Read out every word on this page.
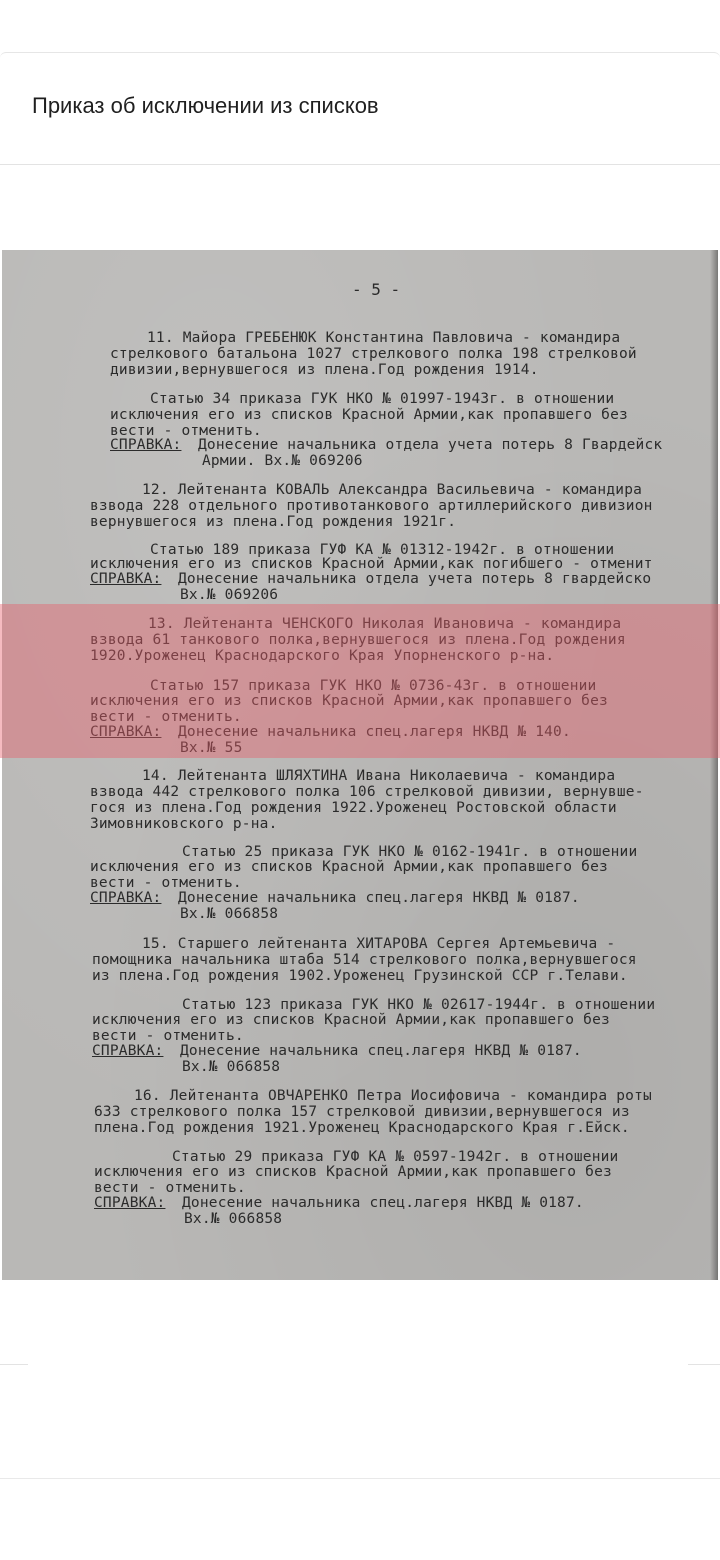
Приказ об исключении из списков
- 5 -
11. Майора ГРЕБЕНЮК Константина Павловича - командира
стрелкового батальона 1027 стрелкового полка 198 стрелковой
дивизии,вернувшегося из плена.Год рождения 1914.
Статью 34 приказа ГУК НКО № 01997-1943г. в отношении
исключения его из списков Красной Армии,как пропавшего без
вести - отменить.
СПРАВКА: Донесение начальника отдела учета потерь 8 Гвардейск
Армии. Вх.№ 069206
12. Лейтенанта КОВАЛЬ Александра Васильевича - командира
взвода 228 отдельного противотанкового артиллерийского дивизион
вернувшегося из плена.Год рождения 1921г.
Статью 189 приказа ГУФ КА № 01312-1942г. в отношении
исключения его из списков Красной Армии,как погибшего - отменит
СПРАВКА: Донесение начальника отдела учета потерь 8 гвардейско
Вх.№ 069206
13. Лейтенанта ЧЕНСКОГО Николая Ивановича - командира
взвода 61 танкового полка,вернувшегося из плена.Год рождения
1920.Уроженец Краснодарского Края Упорненского р-на.
Статью 157 приказа ГУК НКО № 0736-43г. в отношении
исключения его из списков Красной Армии,как пропавшего без
вести - отменить.
СПРАВКА: Донесение начальника спец.лагеря НКВД № 140.
Вх.№ 55
14. Лейтенанта ШЛЯХТИНА Ивана Николаевича - командира
взвода 442 стрелкового полка 106 стрелковой дивизии, вернувше-
гося из плена.Год рождения 1922.Уроженец Ростовской области
Зимовниковского р-на.
Статью 25 приказа ГУК НКО № 0162-1941г. в отношении
исключения его из списков Красной Армии,как пропавшего без
вести - отменить.
СПРАВКА: Донесение начальника спец.лагеря НКВД № 0187.
Вх.№ 066858
15. Старшего лейтенанта ХИТАРОВА Сергея Артемьевича -
помощника начальника штаба 514 стрелкового полка,вернувшегося
из плена.Год рождения 1902.Уроженец Грузинской ССР г.Телави.
Статью 123 приказа ГУК НКО № 02617-1944г. в отношении
исключения его из списков Красной Армии,как пропавшего без
вести - отменить.
СПРАВКА: Донесение начальника спец.лагеря НКВД № 0187.
Вх.№ 066858
16. Лейтенанта ОВЧАРЕНКО Петра Иосифовича - командира роты
633 стрелкового полка 157 стрелковой дивизии,вернувшегося из
плена.Год рождения 1921.Уроженец Краснодарского Края г.Ейск.
Статью 29 приказа ГУФ КА № 0597-1942г. в отношении
исключения его из списков Красной Армии,как пропавшего без
вести - отменить.
СПРАВКА: Донесение начальника спец.лагеря НКВД № 0187.
Вх.№ 066858
